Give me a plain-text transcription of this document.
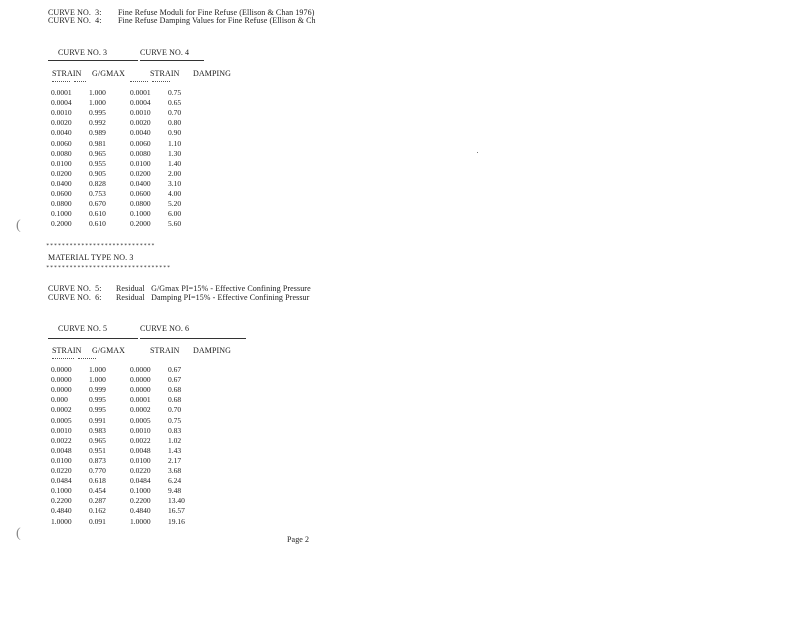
CURVE NO.  3: Fine Refuse Moduli for Fine Refuse (Ellison & Chan 1976)
CURVE NO.  4: Fine Refuse Damping Values for Fine Refuse (Ellison & Ch
CURVE NO. 3	CURVE NO. 4
STRAIN G/GMAX	STRAIN DAMPING
0.0001 1.000	0.0001 0.75
0.0004 1.000	0.0004 0.65
0.0010 0.995	0.0010 0.70
0.0020 0.992	0.0020 0.80
0.0040 0.989	0.0040 0.90
0.0060 0.981	0.0060 1.10
0.0080 0.965	0.0080 1.30
0.0100 0.955	0.0100 1.40
0.0200 0.905	0.0200 2.00
0.0400 0.828	0.0400 3.10
0.0600 0.753	0.0600 4.00
0.0800 0.670	0.0800 5.20
0.1000 0.610	0.1000 6.00
0.2000 0.610	0.2000 5.60
∗∗∗∗∗∗∗∗∗∗∗∗∗∗∗∗∗∗∗∗∗∗∗∗∗∗∗∗
MATERIAL TYPE NO. 3
∗∗∗∗∗∗∗∗∗∗∗∗∗∗∗∗∗∗∗∗∗∗∗∗∗∗∗∗∗∗∗∗
CURVE NO.  5: Residual   G/Gmax PI=15% - Effective Confining Pressure
CURVE NO.  6: Residual   Damping PI=15% - Effective Confining Pressur
CURVE NO. 5	CURVE NO. 6
STRAIN G/GMAX	STRAIN DAMPING
0.0000 1.000	0.0000 0.67
0.0000 1.000	0.0000 0.67
0.0000 0.999	0.0000 0.68
0.000	0.995	0.0001 0.68
0.0002 0.995	0.0002 0.70
0.0005 0.991	0.0005 0.75
0.0010 0.983	0.0010 0.83
0.0022 0.965	0.0022 1.02
0.0048 0.951	0.0048 1.43
0.0100 0.873	0.0100 2.17
0.0220 0.770	0.0220 3.68
0.0484 0.618	0.0484 6.24
0.1000 0.454	0.1000 9.48
0.2200 0.287	0.2200 13.40
0.4840 0.162	0.4840 16.57
1.0000 0.091	1.0000 19.16
Page 2
(
(
